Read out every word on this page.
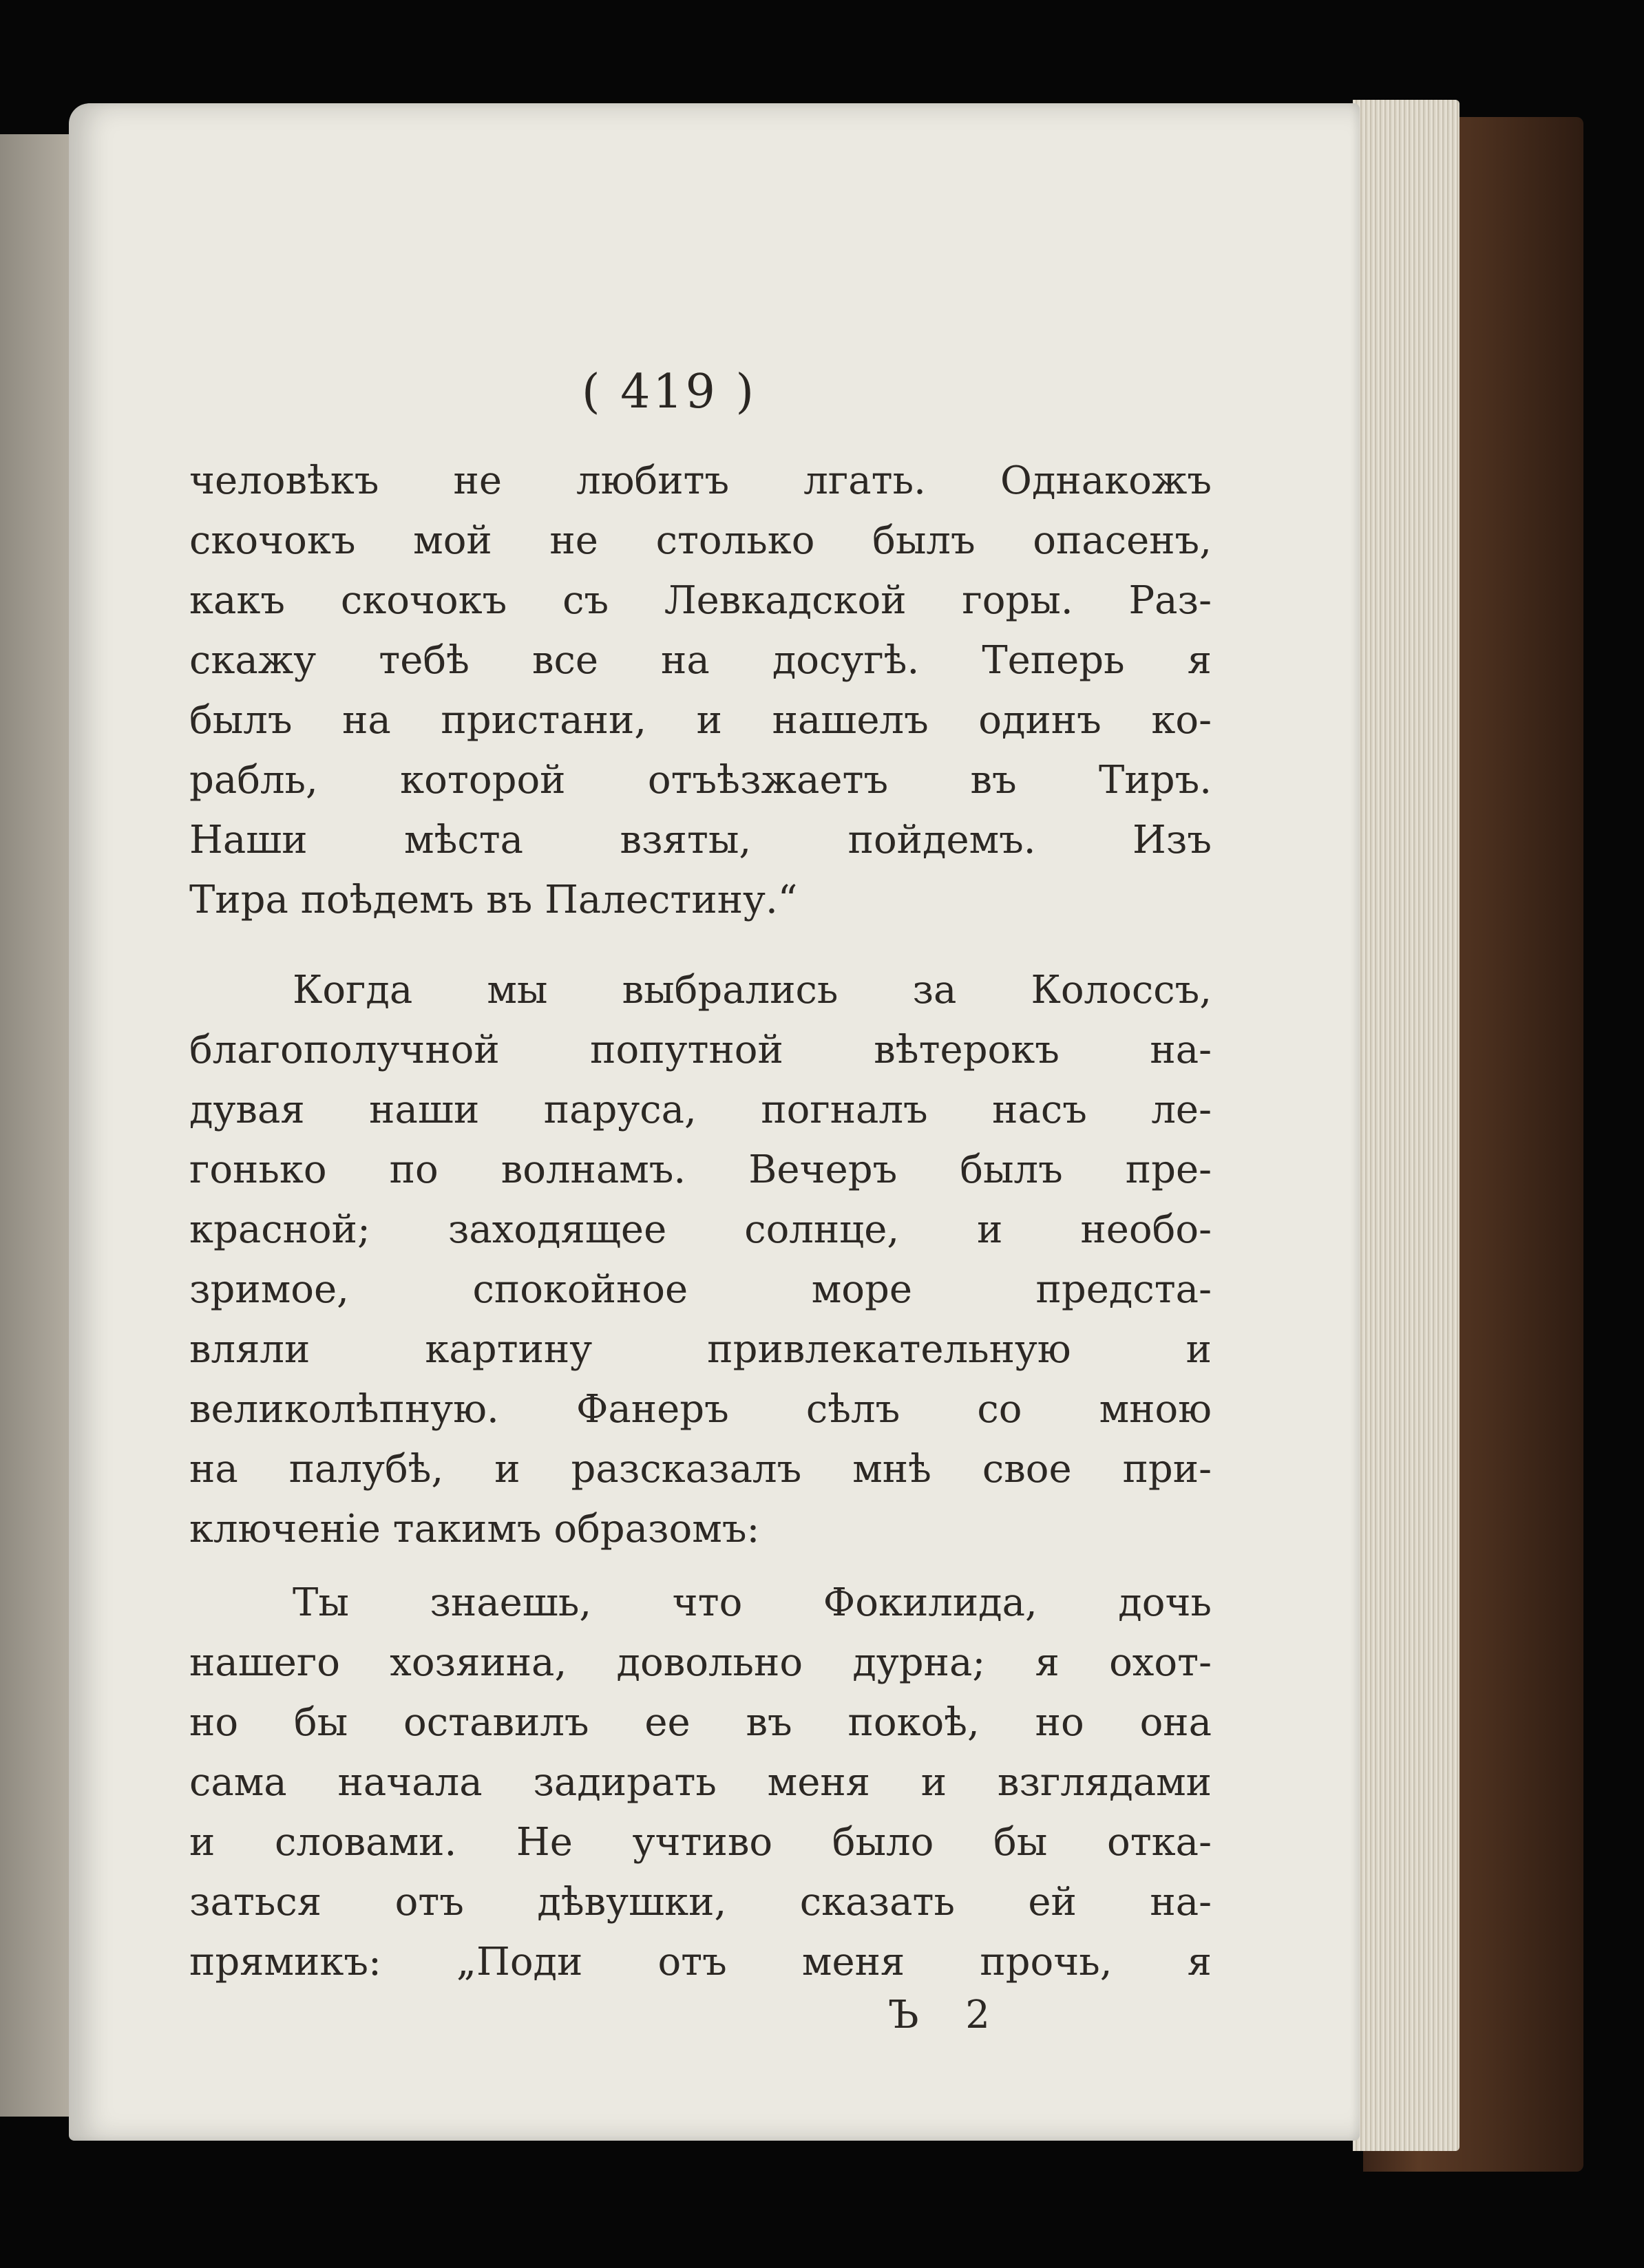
( 419 )
человѣкъ не любитъ лгать. Однакожъ
скочокъ мой не столько былъ опасенъ,
какъ скочокъ съ Левкадской горы. Раз-
скажу тебѣ все на досугѣ. Теперь я
былъ на пристани, и нашелъ одинъ ко-
рабль, которой отъѣзжаетъ въ Тиръ.
Наши мѣста взяты, пойдемъ. Изъ
Тира поѣдемъ въ Палестину.“
Когда мы выбрались за Колоссъ,
благополучной попутной вѣтерокъ на-
дувая наши паруса, погналъ насъ ле-
гонько по волнамъ. Вечеръ былъ пре-
красной; заходящее солнце, и необо-
зримое, спокойное море предста-
вляли картину привлекательную и
великолѣпную. Фанеръ сѣлъ со мною
на палубѣ, и разсказалъ мнѣ свое при-
ключеніе такимъ образомъ:
Ты знаешь, что Фокилида, дочь
нашего хозяина, довольно дурна; я охот-
но бы оставилъ ее въ покоѣ, но она
сама начала задирать меня и взглядами
и словами. Не учтиво было бы отка-
заться отъ дѣвушки, сказать ей на-
прямикъ: „Поди отъ меня прочь, я
Ъ 2
